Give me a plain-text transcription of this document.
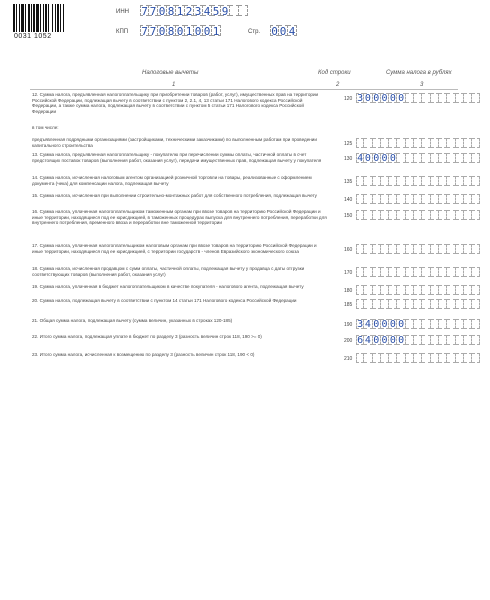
0031 1052
ИНН 7 7 0 8 1 2 3 4 5 9
КПП 7 7 0 8 0 1 0 0 1	Стр. 0 0 4
Налоговые вычеты	Код строки	Сумма налога в рублях
1	2	3
12. Сумма налога, предъявленная налогоплательщику при приобретении товаров (работ, услуг), имущественных прав на территории Российской Федерации, подлежащая вычету в соответствии с пунктом 2, 2.1, 4, 13 статьи 171 Налогового кодекса Российской Федерации, а также сумма налога, подлежащая вычету в соответствии с пунктом 5 статьи 171 Налогового кодекса Российской Федерации
120 3 0 0 0 0 0
в том числе:
предъявленная подрядными организациями (застройщиками, техническими заказчиками) по выполненным работам при проведении капитального строительства	125
13. Сумма налога, предъявленная налогоплательщику - покупателю при перечислении суммы оплаты, частичной оплаты в счет предстоящих поставок товаров (выполнения работ, оказания услуг), передачи имущественных прав, подлежащая вычету у покупателя	130 4 0 0 0 0
14. Сумма налога, исчисленная налоговым агентом организацией розничной торговли на товары, реализованные с оформлением документа (чека) для компенсации налога, подлежащая вычету	135
15. Сумма налога, исчисленная при выполнении строительно-монтажных работ для собственного потребления, подлежащая вычету
140
16. Сумма налога, уплаченная налогоплательщиком таможенным органам при ввозе товаров на территорию Российской Федерации и иные территории, находящиеся под ее юрисдикцией, в таможенных процедурах выпуска для внутреннего потребления, переработки для внутреннего потребления, временного ввоза и переработки вне таможенной территории
150
17. Сумма налога, уплаченная налогоплательщиком налоговым органам при ввозе товаров на территорию Российской Федерации и иные территории, находящиеся под ее юрисдикцией, с территории государств - членов Евразийского экономического союза	160
18. Сумма налога, исчисленная продавцом с сумм оплаты, частичной оплаты, подлежащая вычету у продавца с даты отгрузки соответствующих товаров (выполнения работ, оказания услуг)	170
19. Сумма налога, уплаченная в бюджет налогоплательщиком в качестве покупателя - налогового агента, подлежащая вычету
180
20. Сумма налога, подлежащая вычету в соответствии с пунктом 14 статьи 171 Налогового кодекса Российской Федерации
185
21. Общая сумма налога, подлежащая вычету (сумма величин, указанных в строках 120-185)
190 3 4 0 0 0 0
22. Итого сумма налога, подлежащая уплате в бюджет по разделу 3 (разность величин строк 118, 190 >= 0)
200 6 4 0 0 0 0
23. Итого сумма налога, исчисленная к возмещению по разделу 3 (разность величин строк 118, 190 < 0)
210
